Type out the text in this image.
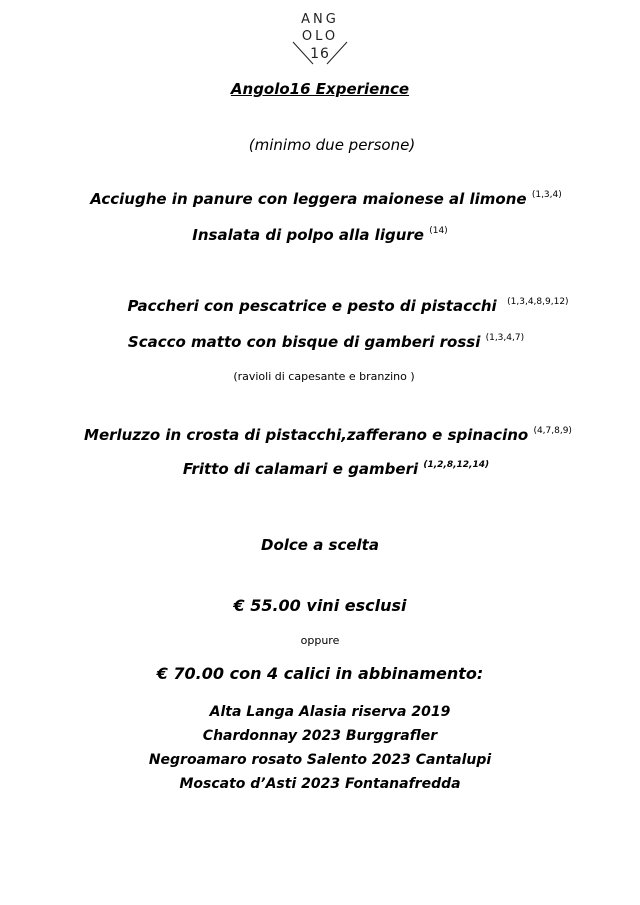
ANG
OLO
16
Angolo16 Experience
(minimo due persone)
Acciughe in panure con leggera maionese al limone $^{(1,3,4)}$
Insalata di polpo alla ligure $^{(14)}$
Paccheri con pescatrice e pesto di pistacchi $^{(1,3,4,8,9,12)}$
Scacco matto con bisque di gamberi rossi $^{(1,3,4,7)}$
(ravioli di capesante e branzino )
Merluzzo in crosta di pistacchi,zafferano e spinacino $^{(4,7,8,9)}$
Fritto di calamari e gamberi $^{(1,2,8,12,14)}$
Dolce a scelta
€ 55.00 vini esclusi
oppure
€ 70.00 con 4 calici in abbinamento:
Alta Langa Alasia riserva 2019
Chardonnay 2023 Burggrafler
Negroamaro rosato Salento 2023 Cantalupi
Moscato d’Asti 2023 Fontanafredda
